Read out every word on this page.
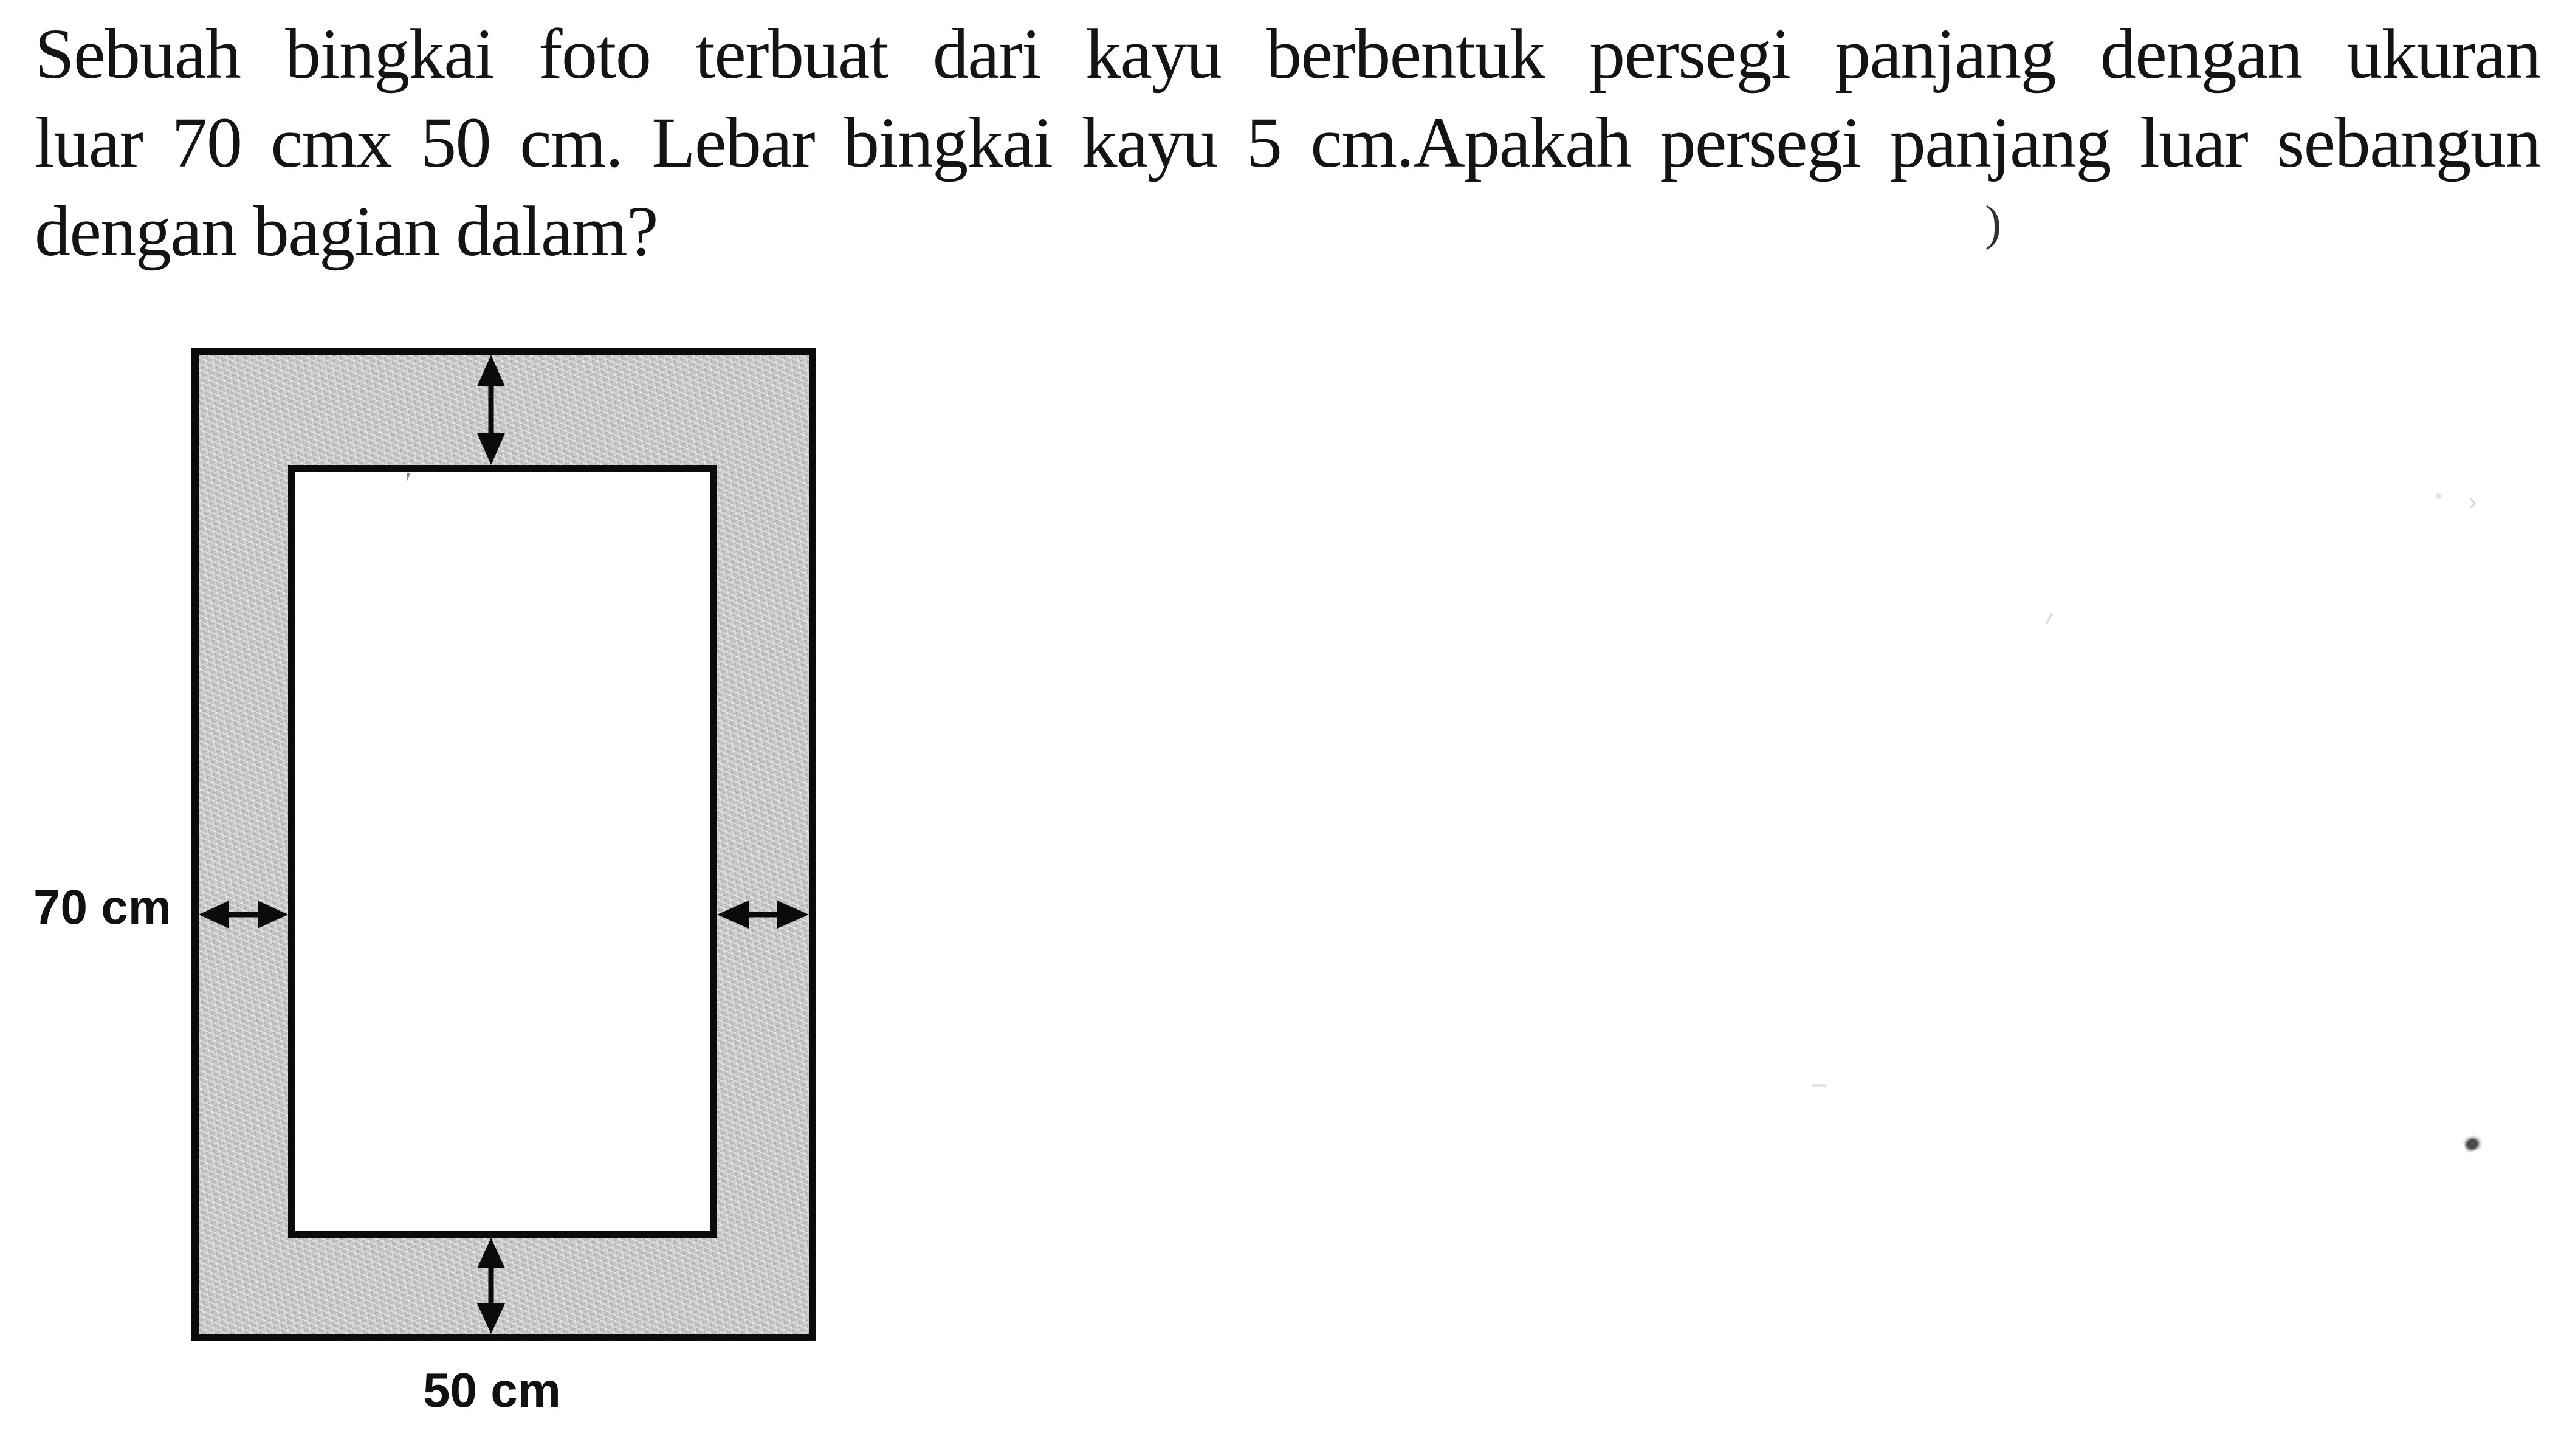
Sebuah bingkai foto terbuat dari kayu berbentuk persegi panjang dengan ukuran
luar 70 cmx 50 cm. Lebar bingkai kayu 5 cm.Apakah persegi panjang luar sebangun
dengan bagian dalam?	)
'
70 cm
50 cm
›
